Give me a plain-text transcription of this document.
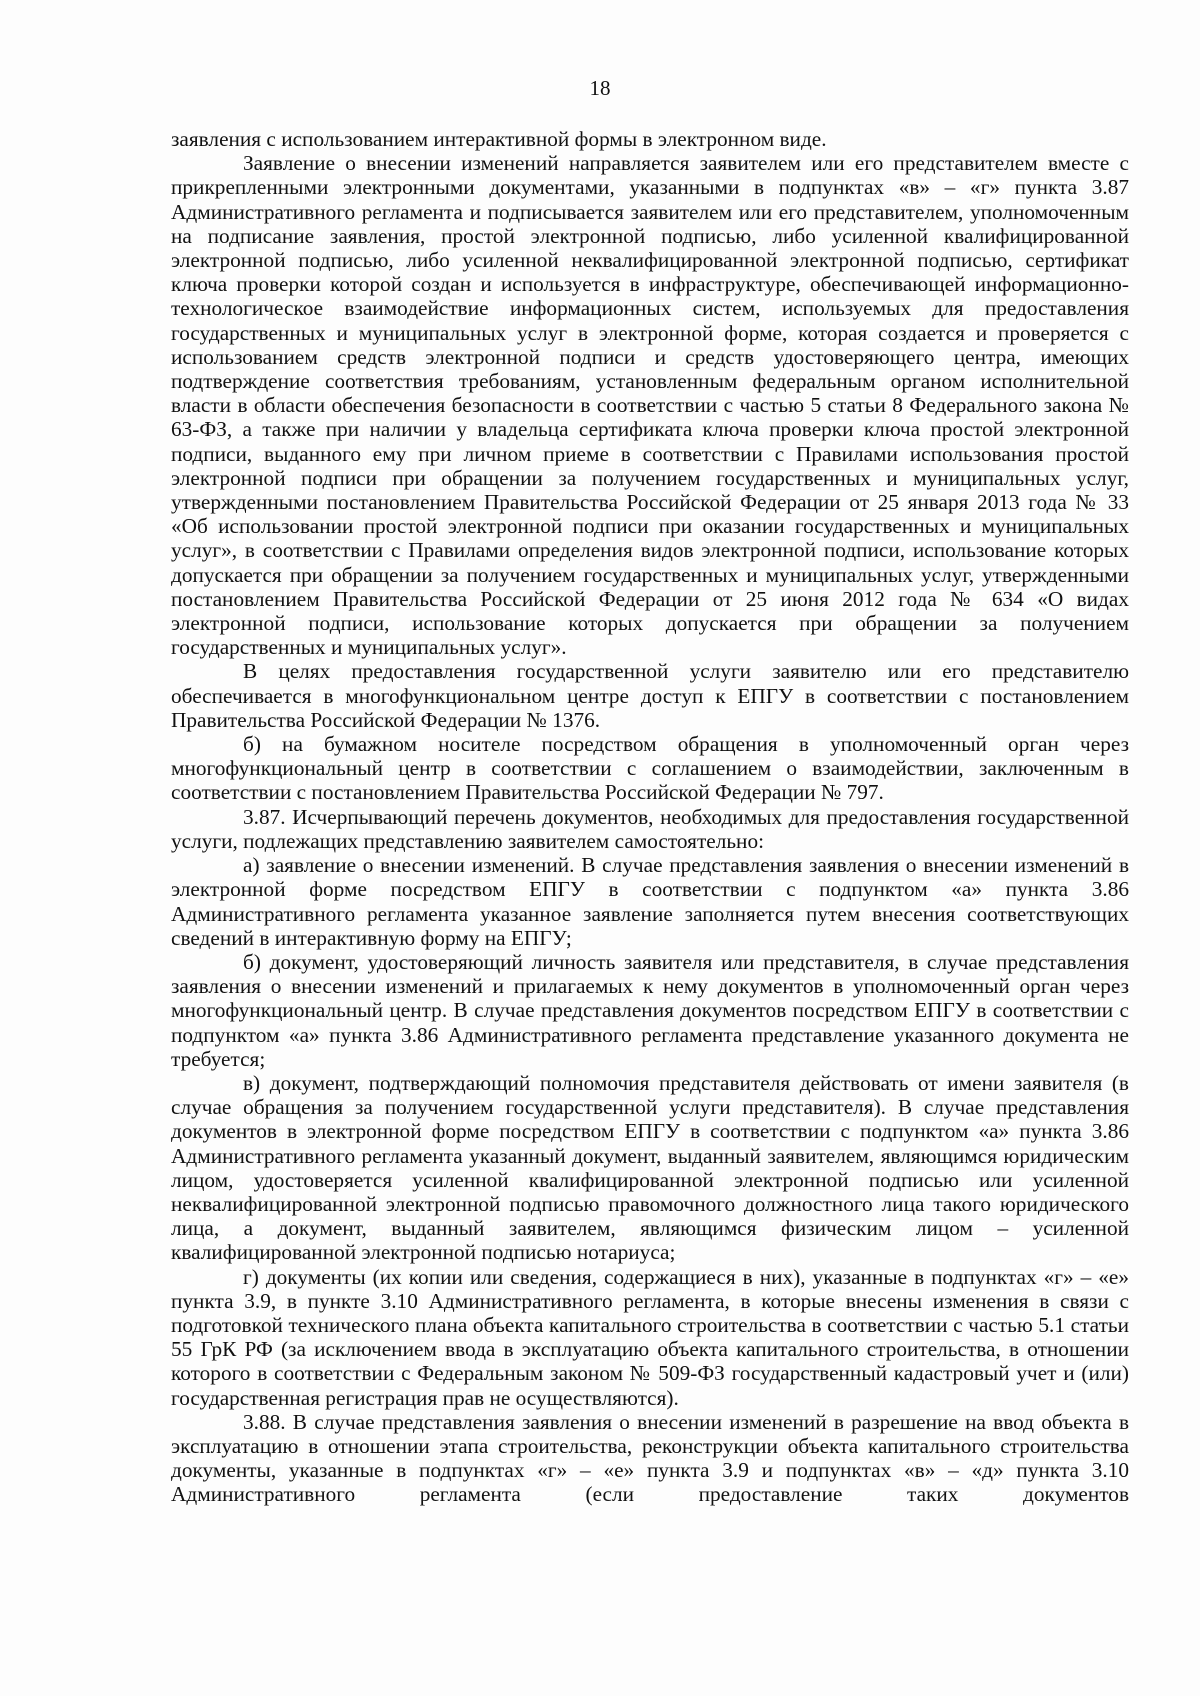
18

заявления с использованием интерактивной формы в электронном виде.

Заявление о внесении изменений направляется заявителем или его представителем вместе с прикрепленными электронными документами, указанными в подпунктах «в» – «г» пункта 3.87 Административного регламента и подписывается заявителем или его представителем, уполномоченным на подписание заявления, простой электронной подписью, либо усиленной квалифицированной электронной подписью, либо усиленной неквалифицированной электронной подписью, сертификат ключа проверки которой создан и используется в инфраструктуре, обеспечивающей информационно-технологическое взаимодействие информационных систем, используемых для предоставления государственных и муниципальных услуг в электронной форме, которая создается и проверяется с использованием средств электронной подписи и средств удостоверяющего центра, имеющих подтверждение соответствия требованиям, установленным федеральным органом исполнительной власти в области обеспечения безопасности в соответствии с частью 5 статьи 8 Федерального закона № 63-ФЗ, а также при наличии у владельца сертификата ключа проверки ключа простой электронной подписи, выданного ему при личном приеме в соответствии с Правилами использования простой электронной подписи при обращении за получением государственных и муниципальных услуг, утвержденными постановлением Правительства Российской Федерации от 25 января 2013 года № 33 «Об использовании простой электронной подписи при оказании государственных и муниципальных услуг», в соответствии с Правилами определения видов электронной подписи, использование которых допускается при обращении за получением государственных и муниципальных услуг, утвержденными постановлением Правительства Российской Федерации от 25 июня 2012 года № 634 «О видах электронной подписи, использование которых допускается при обращении за получением государственных и муниципальных услуг».

В целях предоставления государственной услуги заявителю или его представителю обеспечивается в многофункциональном центре доступ к ЕПГУ в соответствии с постановлением Правительства Российской Федерации № 1376.

б) на бумажном носителе посредством обращения в уполномоченный орган через многофункциональный центр в соответствии с соглашением о взаимодействии, заключенным в соответствии с постановлением Правительства Российской Федерации № 797.

3.87. Исчерпывающий перечень документов, необходимых для предоставления государственной услуги, подлежащих представлению заявителем самостоятельно:

а) заявление о внесении изменений. В случае представления заявления о внесении изменений в электронной форме посредством ЕПГУ в соответствии с подпунктом «а» пункта 3.86 Административного регламента указанное заявление заполняется путем внесения соответствующих сведений в интерактивную форму на ЕПГУ;

б) документ, удостоверяющий личность заявителя или представителя, в случае представления заявления о внесении изменений и прилагаемых к нему документов в уполномоченный орган через многофункциональный центр. В случае представления документов посредством ЕПГУ в соответствии с подпунктом «а» пункта 3.86 Административного регламента представление указанного документа не требуется;

в) документ, подтверждающий полномочия представителя действовать от имени заявителя (в случае обращения за получением государственной услуги представителя). В случае представления документов в электронной форме посредством ЕПГУ в соответствии с подпунктом «а» пункта 3.86 Административного регламента указанный документ, выданный заявителем, являющимся юридическим лицом, удостоверяется усиленной квалифицированной электронной подписью или усиленной неквалифицированной электронной подписью правомочного должностного лица такого юридического лица, а документ, выданный заявителем, являющимся физическим лицом – усиленной квалифицированной электронной подписью нотариуса;

г) документы (их копии или сведения, содержащиеся в них), указанные в подпунктах «г» – «е» пункта 3.9, в пункте 3.10 Административного регламента, в которые внесены изменения в связи с подготовкой технического плана объекта капитального строительства в соответствии с частью 5.1 статьи 55 ГрК РФ (за исключением ввода в эксплуатацию объекта капитального строительства, в отношении которого в соответствии с Федеральным законом № 509-ФЗ государственный кадастровый учет и (или) государственная регистрация прав не осуществляются).

3.88. В случае представления заявления о внесении изменений в разрешение на ввод объекта в эксплуатацию в отношении этапа строительства, реконструкции объекта капитального строительства документы, указанные в подпунктах «г» – «е» пункта 3.9 и подпунктах «в» – «д» пункта 3.10 Административного регламента (если предоставление таких документов
